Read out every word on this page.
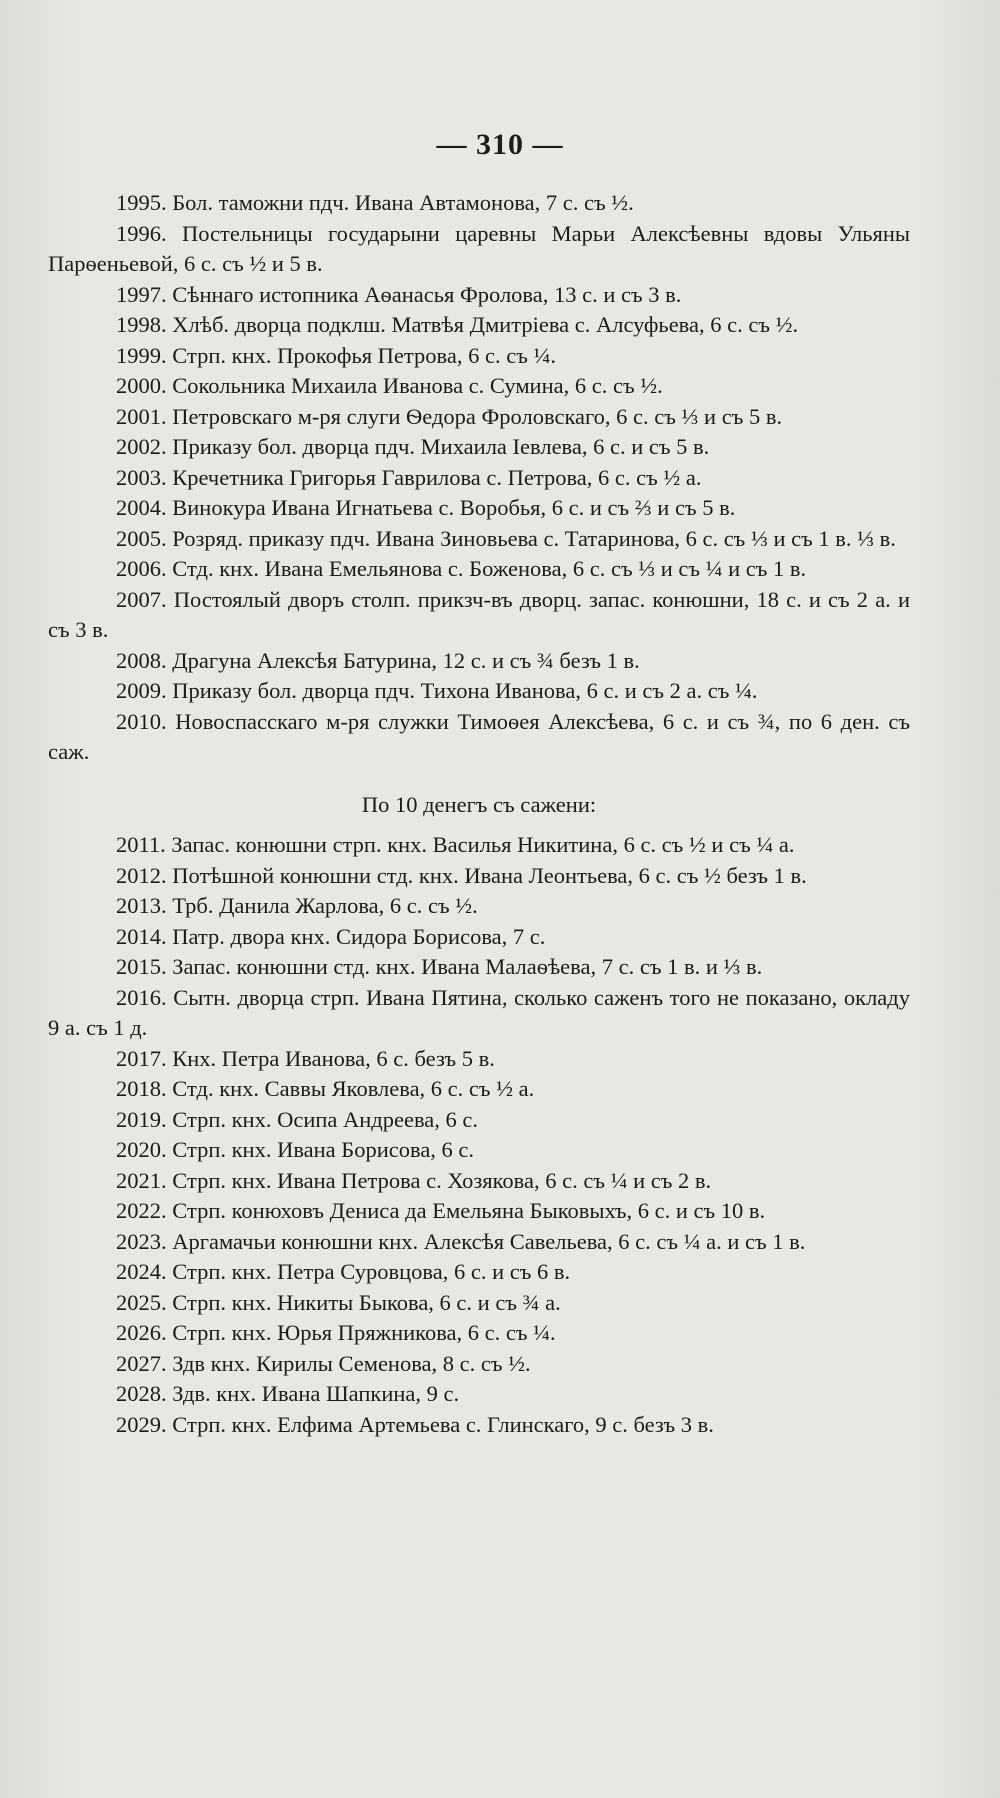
— 310 —

1995. Бол. таможни пдч. Ивана Автамонова, 7 с. съ ½.

1996. Постельницы государыни царевны Марьи Алексѣевны вдовы Ульяны Парѳеньевой, 6 с. съ ½ и 5 в.

1997. Сѣннаго истопника Аѳанасья Фролова, 13 с. и съ 3 в.

1998. Хлѣб. дворца подклш. Матвѣя Дмитріева с. Алсуфьева, 6 с. съ ½.

1999. Стрп. кнх. Прокофья Петрова, 6 с. съ ¼.

2000. Сокольника Михаила Иванова с. Сумина, 6 с. съ ½.

2001. Петровскаго м-ря слуги Ѳедора Фроловскаго, 6 с. съ ⅓ и съ 5 в.

2002. Приказу бол. дворца пдч. Михаила Іевлева, 6 с. и съ 5 в.

2003. Кречетника Григорья Гаврилова с. Петрова, 6 с. съ ½ а.

2004. Винокура Ивана Игнатьева с. Воробья, 6 с. и съ ⅔ и съ 5 в.

2005. Розряд. приказу пдч. Ивана Зиновьева с. Татаринова, 6 с. съ ⅓ и съ 1 в. ⅓ в.

2006. Стд. кнх. Ивана Емельянова с. Боженова, 6 с. съ ⅓ и съ ¼ и съ 1 в.

2007. Постоялый дворъ столп. прикзч-въ дворц. запас. конюшни, 18 с. и съ 2 а. и съ 3 в.

2008. Драгуна Алексѣя Батурина, 12 с. и съ ¾ безъ 1 в.

2009. Приказу бол. дворца пдч. Тихона Иванова, 6 с. и съ 2 а. съ ¼.

2010. Новоспасскаго м-ря служки Тимоѳея Алексѣева, 6 с. и съ ¾, по 6 ден. съ саж.

По 10 денегъ съ сажени:

2011. Запас. конюшни стрп. кнх. Василья Никитина, 6 с. съ ½ и съ ¼ а.

2012. Потѣшной конюшни стд. кнх. Ивана Леонтьева, 6 с. съ ½ безъ 1 в.

2013. Трб. Данила Жарлова, 6 с. съ ½.

2014. Патр. двора кнх. Сидора Борисова, 7 с.

2015. Запас. конюшни стд. кнх. Ивана Малаѳѣева, 7 с. съ 1 в. и ⅓ в.

2016. Сытн. дворца стрп. Ивана Пятина, сколько саженъ того не показано, окладу 9 а. съ 1 д.

2017. Кнх. Петра Иванова, 6 с. безъ 5 в.

2018. Стд. кнх. Саввы Яковлева, 6 с. съ ½ а.

2019. Стрп. кнх. Осипа Андреева, 6 с.

2020. Стрп. кнх. Ивана Борисова, 6 с.

2021. Стрп. кнх. Ивана Петрова с. Хозякова, 6 с. съ ¼ и съ 2 в.

2022. Стрп. конюховъ Дениса да Емельяна Быковыхъ, 6 с. и съ 10 в.

2023. Аргамачьи конюшни кнх. Алексѣя Савельева, 6 с. съ ¼ а. и съ 1 в.

2024. Стрп. кнх. Петра Суровцова, 6 с. и съ 6 в.

2025. Стрп. кнх. Никиты Быкова, 6 с. и съ ¾ а.

2026. Стрп. кнх. Юрья Пряжникова, 6 с. съ ¼.

2027. Здв кнх. Кирилы Семенова, 8 с. съ ½.

2028. Здв. кнх. Ивана Шапкина, 9 с.

2029. Стрп. кнх. Елфима Артемьева с. Глинскаго, 9 с. безъ 3 в.
